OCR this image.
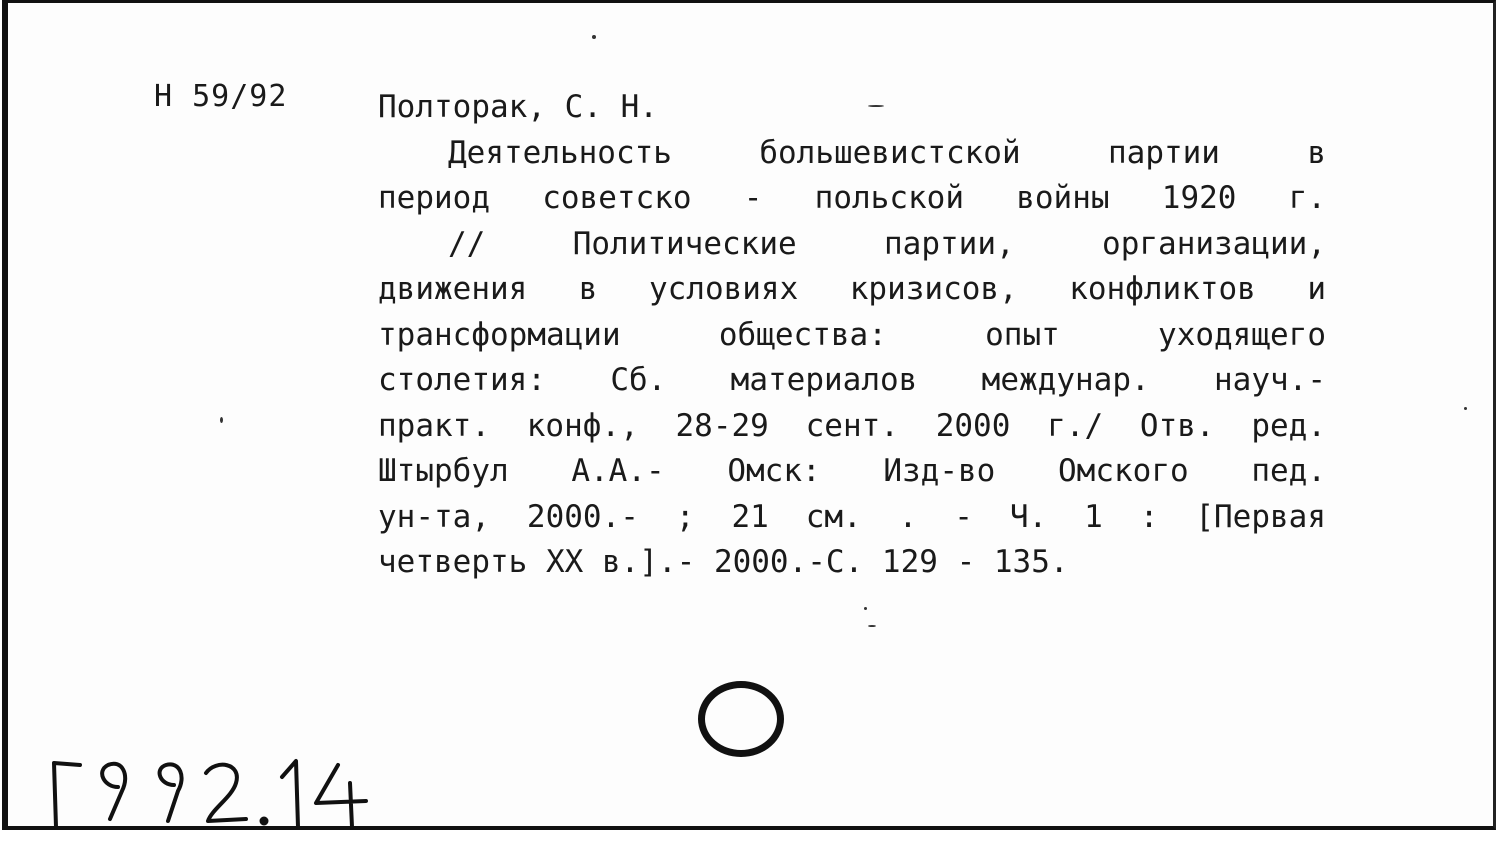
Н 59/92	Полторак, С. Н.
Деятельность большевистской партии в
период советско - польской войны 1920 г.
// Политические партии, организации,
движения в условиях кризисов, конфликтов и
трансформации общества: опыт уходящего
столетия: Сб. материалов междунар. науч.-
практ. конф., 28-29 сент. 2000 г./ Отв. ред.
Штырбул А.А.- Омск: Изд-во Омского пед.
ун-та, 2000.- ; 21 см. . - Ч. 1 : [Первая
четверть XX в.].- 2000.-С. 129 - 135.
